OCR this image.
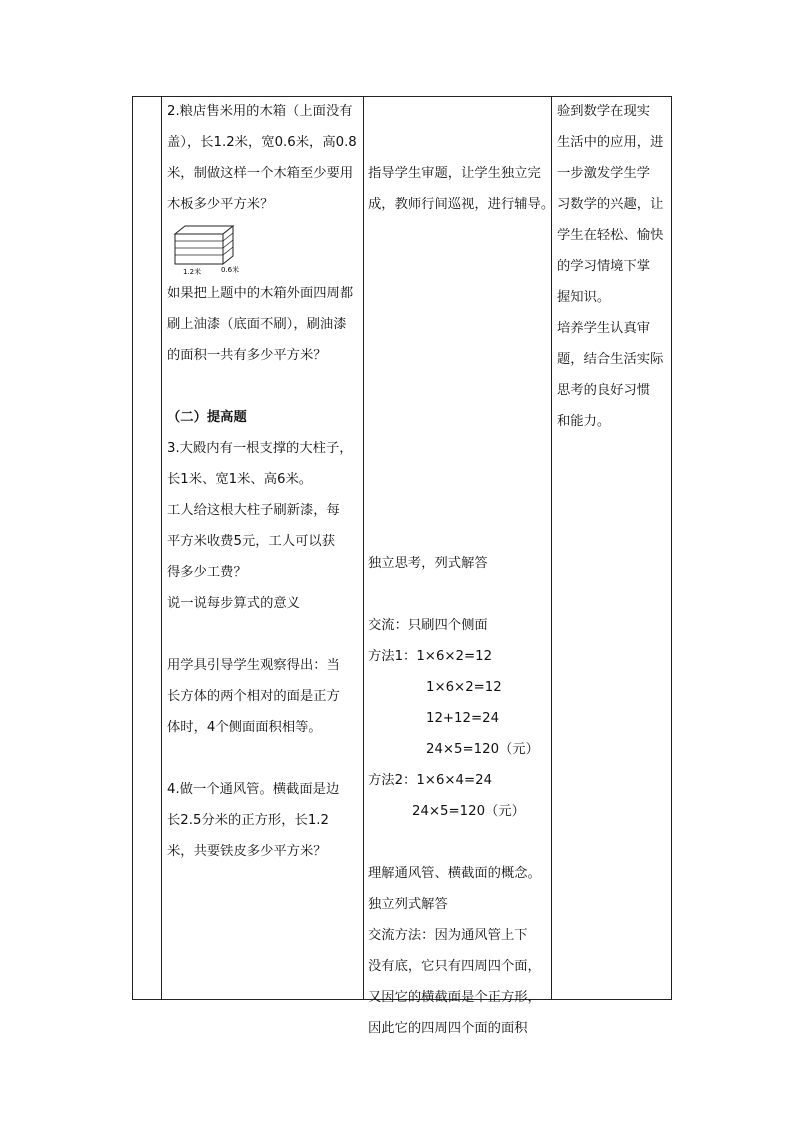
2.粮店售米用的木箱（上面没有
盖），长1.2米，宽0.6米，高0.8
米，制做这样一个木箱至少要用
木板多少平方米？
1.2米	0.6米
如果把上题中的木箱外面四周都
刷上油漆（底面不刷），刷油漆
的面积一共有多少平方米？
（二）提高题
3.大殿内有一根支撑的大柱子，
长1米、宽1米、高6米。
工人给这根大柱子刷新漆，每
平方米收费5元，工人可以获
得多少工费？
说一说每步算式的意义
用学具引导学生观察得出：当
长方体的两个相对的面是正方
体时，4个侧面面积相等。
4.做一个通风管。横截面是边
长2.5分米的正方形，长1.2
米，共要铁皮多少平方米？
指导学生审题，让学生独立完
成，教师行间巡视，进行辅导。
独立思考，列式解答
交流：只刷四个侧面
方法1：1×6×2=12
1×6×2=12
12+12=24
24×5=120（元）
方法2：1×6×4=24
24×5=120（元）
理解通风管、横截面的概念。
独立列式解答
交流方法：因为通风管上下
没有底，它只有四周四个面，
又因它的横截面是个正方形，
因此它的四周四个面的面积
验到数学在现实
生活中的应用，进
一步激发学生学
习数学的兴趣，让
学生在轻松、愉快
的学习情境下掌
握知识。
培养学生认真审
题，结合生活实际
思考的良好习惯
和能力。
